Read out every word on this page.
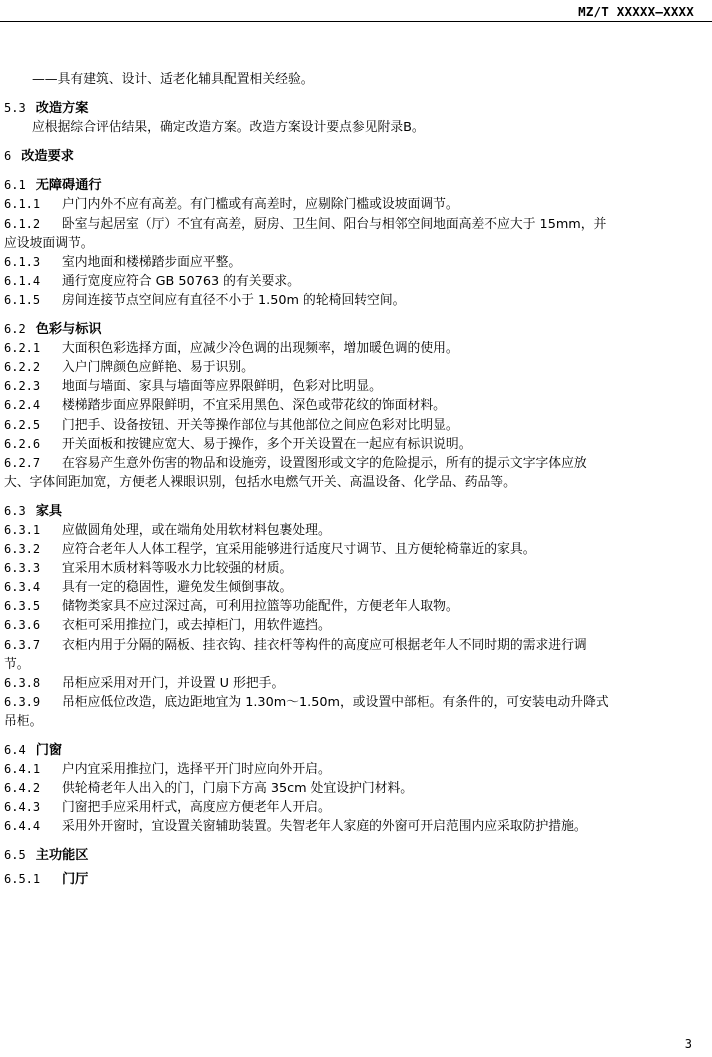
MZ/T XXXXX—XXXX

——具有建筑、设计、适老化辅具配置相关经验。

5.3 改造方案

应根据综合评估结果，确定改造方案。改造方案设计要点参见附录B。

6 改造要求
6.1 无障碍通行

6.1.1 户门内外不应有高差。有门槛或有高差时，应剔除门槛或设坡面调节。

6.1.2 卧室与起居室（厅）不宜有高差，厨房、卫生间、阳台与相邻空间地面高差不应大于 15mm，并

应设坡面调节。

6.1.3 室内地面和楼梯踏步面应平整。

6.1.4 通行宽度应符合 GB 50763 的有关要求。

6.1.5 房间连接节点空间应有直径不小于 1.50m 的轮椅回转空间。

6.2 色彩与标识

6.2.1 大面积色彩选择方面，应减少冷色调的出现频率，增加暖色调的使用。

6.2.2 入户门牌颜色应鲜艳、易于识别。

6.2.3 地面与墙面、家具与墙面等应界限鲜明，色彩对比明显。

6.2.4 楼梯踏步面应界限鲜明，不宜采用黑色、深色或带花纹的饰面材料。

6.2.5 门把手、设备按钮、开关等操作部位与其他部位之间应色彩对比明显。

6.2.6 开关面板和按键应宽大、易于操作，多个开关设置在一起应有标识说明。

6.2.7 在容易产生意外伤害的物品和设施旁，设置图形或文字的危险提示，所有的提示文字字体应放

大、字体间距加宽，方便老人裸眼识别，包括水电燃气开关、高温设备、化学品、药品等。

6.3 家具

6.3.1 应做圆角处理，或在端角处用软材料包裹处理。

6.3.2 应符合老年人人体工程学，宜采用能够进行适度尺寸调节、且方便轮椅靠近的家具。

6.3.3 宜采用木质材料等吸水力比较强的材质。

6.3.4 具有一定的稳固性，避免发生倾倒事故。

6.3.5 储物类家具不应过深过高，可利用拉篮等功能配件，方便老年人取物。

6.3.6 衣柜可采用推拉门，或去掉柜门，用软件遮挡。

6.3.7 衣柜内用于分隔的隔板、挂衣钩、挂衣杆等构件的高度应可根据老年人不同时期的需求进行调

节。

6.3.8 吊柜应采用对开门，并设置 U 形把手。

6.3.9 吊柜应低位改造，底边距地宜为 1.30m～1.50m，或设置中部柜。有条件的，可安装电动升降式

吊柜。

6.4 门窗

6.4.1 户内宜采用推拉门，选择平开门时应向外开启。

6.4.2 供轮椅老年人出入的门，门扇下方高 35cm 处宜设护门材料。

6.4.3 门窗把手应采用杆式，高度应方便老年人开启。

6.4.4 采用外开窗时，宜设置关窗辅助装置。失智老年人家庭的外窗可开启范围内应采取防护措施。

6.5 主功能区
6.5.1 门厅
3
